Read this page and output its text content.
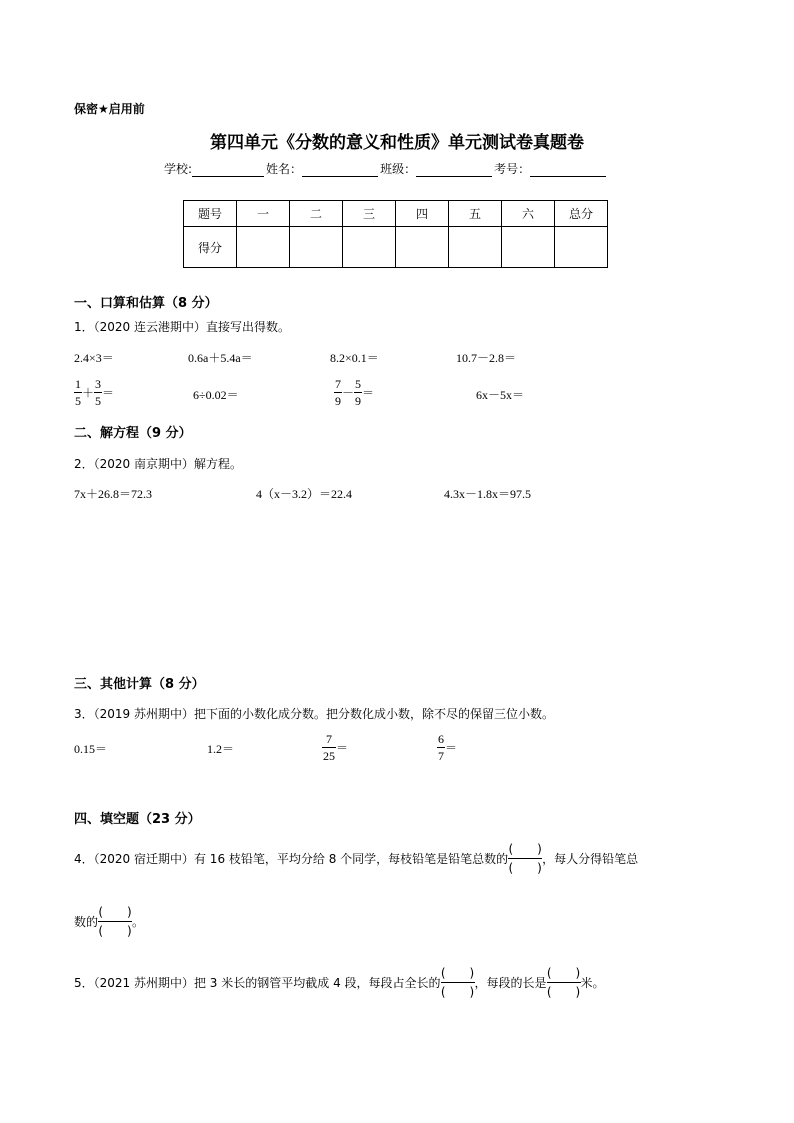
保密★启用前
第四单元《分数的意义和性质》单元测试卷真题卷
学校:	姓名：	班级：	考号：
题号	一	二	三	四	五	六	总分
得分							
一、口算和估算（8 分）
1．（2020 连云港期中）直接写出得数。
2.4×3＝	0.6a＋5.4a＝	8.2×0.1＝	10.7－2.8＝
$\frac{1}{5} + \frac{3}{5}$ ＝	6÷0.02＝	$\frac{7}{9} - \frac{5}{9}$ ＝	6x－5x＝
二、解方程（9 分）
2．（2020 南京期中）解方程。
7x＋26.8＝72.3	4（x－3.2）＝22.4	4.3x－1.8x＝97.5
三、其他计算（8 分）
3．（2019 苏州期中）把下面的小数化成分数。把分数化成小数，除不尽的保留三位小数。
0.15＝	1.2＝	$\frac{7}{25}$ ＝	$\frac{6}{7}$ ＝
四、填空题（23 分）
4．（2020 宿迁期中）有 16 枝铅笔，平均分给 8 个同学，每枝铅笔是铅笔总数的 $\frac{( )}{( )}$ ，每人分得铅笔总
数的 $\frac{( )}{( )}$ 。
5．（2021 苏州期中）把 3 米长的钢管平均截成 4 段，每段占全长的 $\frac{( )}{( )}$ ，每段的长是 $\frac{( )}{( )}$ 米。
